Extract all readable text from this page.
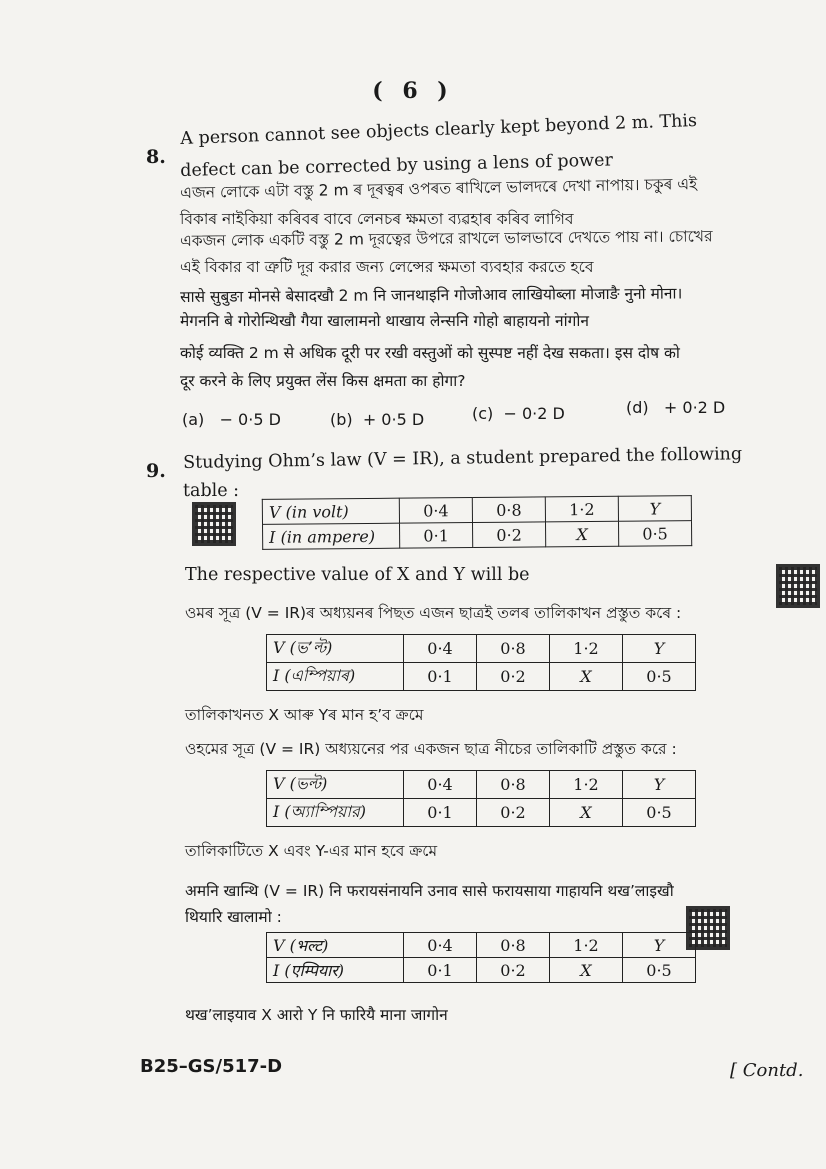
( 6 )
8.
A person cannot see objects clearly kept beyond 2 m. This
defect can be corrected by using a lens of power
এজন লোকে এটা বস্তু 2 m ৰ দূৰত্বৰ ওপৰত ৰাখিলে ভালদৰে দেখা নাপায়। চকুৰ এই
বিকাৰ নাইকিয়া কৰিবৰ বাবে লেনচৰ ক্ষমতা ব্যৱহাৰ কৰিব লাগিব
একজন লোক একটি বস্তু 2 m দূরত্বের উপরে রাখলে ভালভাবে দেখতে পায় না। চোখের
এই বিকার বা ত্রুটি দূর করার জন্য লেন্সের ক্ষমতা ব্যবহার করতে হবে
सासे सुबुङा मोनसे बेसादखौ 2 m नि जानथाइनि गोजोआव लाखियोब्ला मोजाङै नुनो मोना।
मेगननि बे गोरोन्थिखौ गैया खालामनो थाखाय लेन्सनि गोहो बाहायनो नांगोन
कोई व्यक्ति 2 m से अधिक दूरी पर रखी वस्तुओं को सुस्पष्ट नहीं देख सकता। इस दोष को
दूर करने के लिए प्रयुक्त लेंस किस क्षमता का होगा?
(a) − 0·5 D	(b) + 0·5 D	(c) − 0·2 D	(d) + 0·2 D
9. Studying Ohm’s law (V = IR), a student prepared the following
table :
V (in volt)	0·4	0·8	1·2	Y
I (in ampere)	0·1	0·2	X	0·5
The respective value of X and Y will be
ওমৰ সূত্ৰ (V = IR)ৰ অধ্যয়নৰ পিছত এজন ছাত্ৰই তলৰ তালিকাখন প্ৰস্তুত কৰে :
V (ভ’ল্ট)	0·4	0·8	1·2	Y
I (এম্পিয়াৰ)	0·1	0·2	X	0·5
তালিকাখনত X আৰু Yৰ মান হ’ব ক্ৰমে
ওহমের সূত্র (V = IR) অধ্যয়নের পর একজন ছাত্র নীচের তালিকাটি প্রস্তুত করে :
V (ভল্ট)	0·4	0·8	1·2	Y
I (অ্যাম্পিয়ার)	0·1	0·2	X	0·5
তালিকাটিতে X এবং Y-এর মান হবে ক্রমে
अमनि खान्थि (V = IR) नि फरायसंनायनि उनाव सासे फरायसाया गाहायनि थख’लाइखौ
थियारि खालामो :
V (भल्ट)	0·4	0·8	1·2	Y
I (एम्पियार)	0·1	0·2	X	0·5
थख’लाइयाव X आरो Y नि फारियै माना जागोन
B25–GS/517-D	[ Contd.
